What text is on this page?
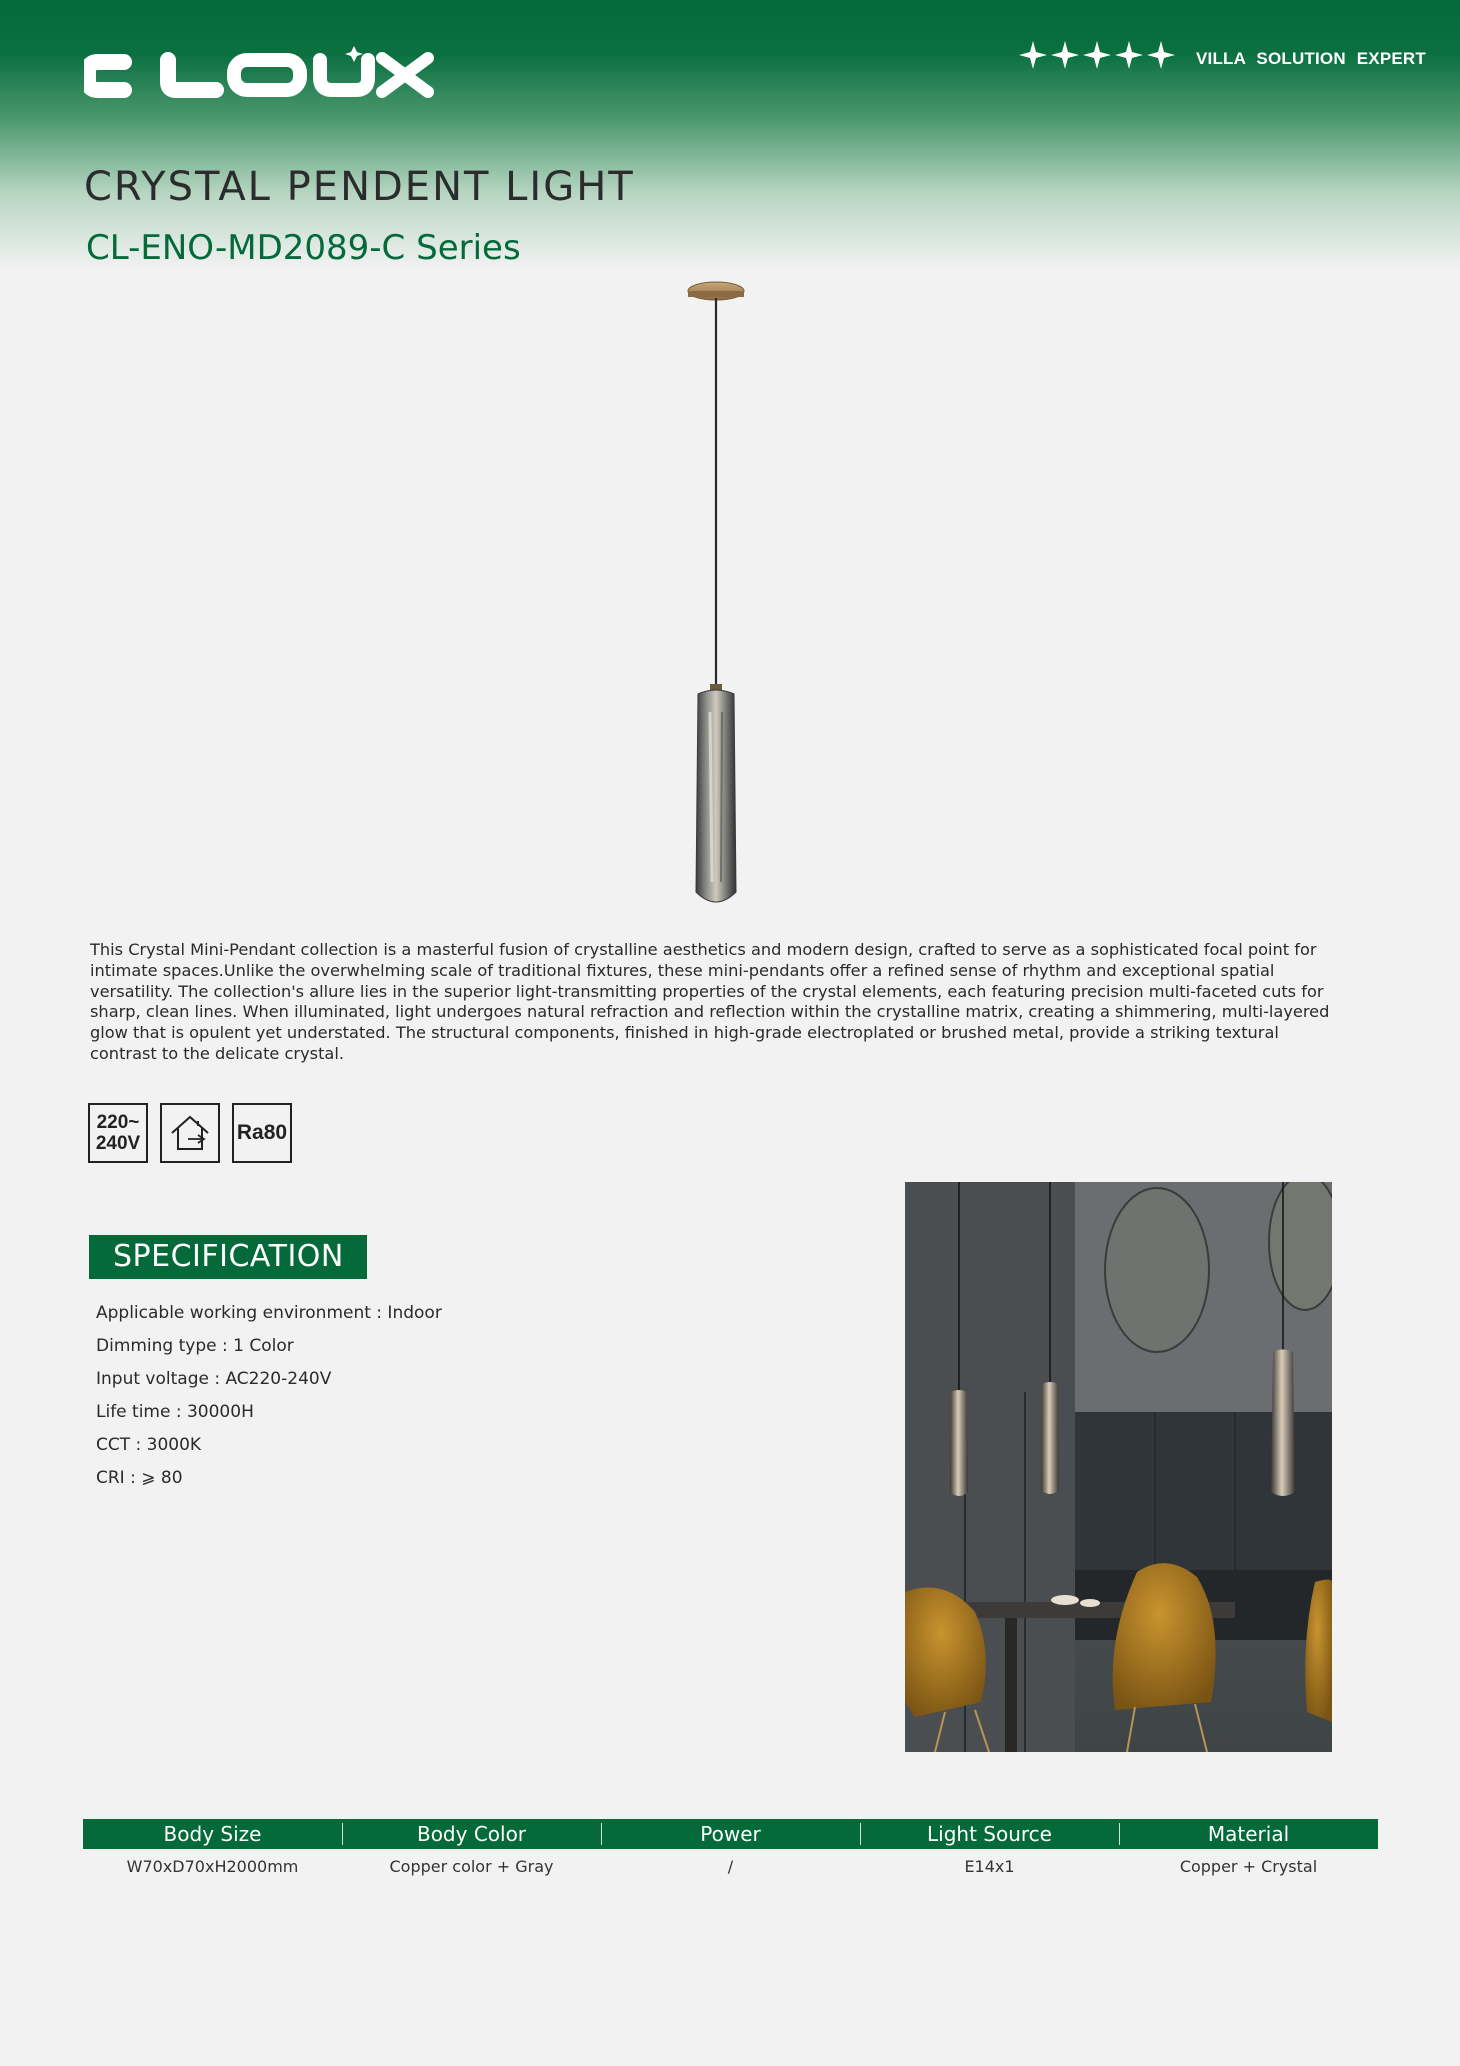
VILLA SOLUTION EXPERT
CRYSTAL PENDENT LIGHT
CL-ENO-MD2089-C Series

This Crystal Mini-Pendant collection is a masterful fusion of crystalline aesthetics and modern design, crafted to serve as a sophisticated focal point for intimate spaces.Unlike the overwhelming scale of traditional fixtures, these mini-pendants offer a refined sense of rhythm and exceptional spatial versatility. The collection's allure lies in the superior light-transmitting properties of the crystal elements, each featuring precision multi-faceted cuts for sharp, clean lines. When illuminated, light undergoes natural refraction and reflection within the crystalline matrix, creating a shimmering, multi-layered glow that is opulent yet understated. The structural components, finished in high-grade electroplated or brushed metal, provide a striking textural contrast to the delicate crystal.

220~
240V	Ra80
SPECIFICATION
Applicable working environment : Indoor
Dimming type : 1 Color
Input voltage : AC220-240V
Life time : 30000H
CCT : 3000K
CRI : ⩾ 80
Body Size	Body Color	Power	Light Source	Material
W70xD70xH2000mm	Copper color + Gray	/	E14x1	Copper + Crystal
